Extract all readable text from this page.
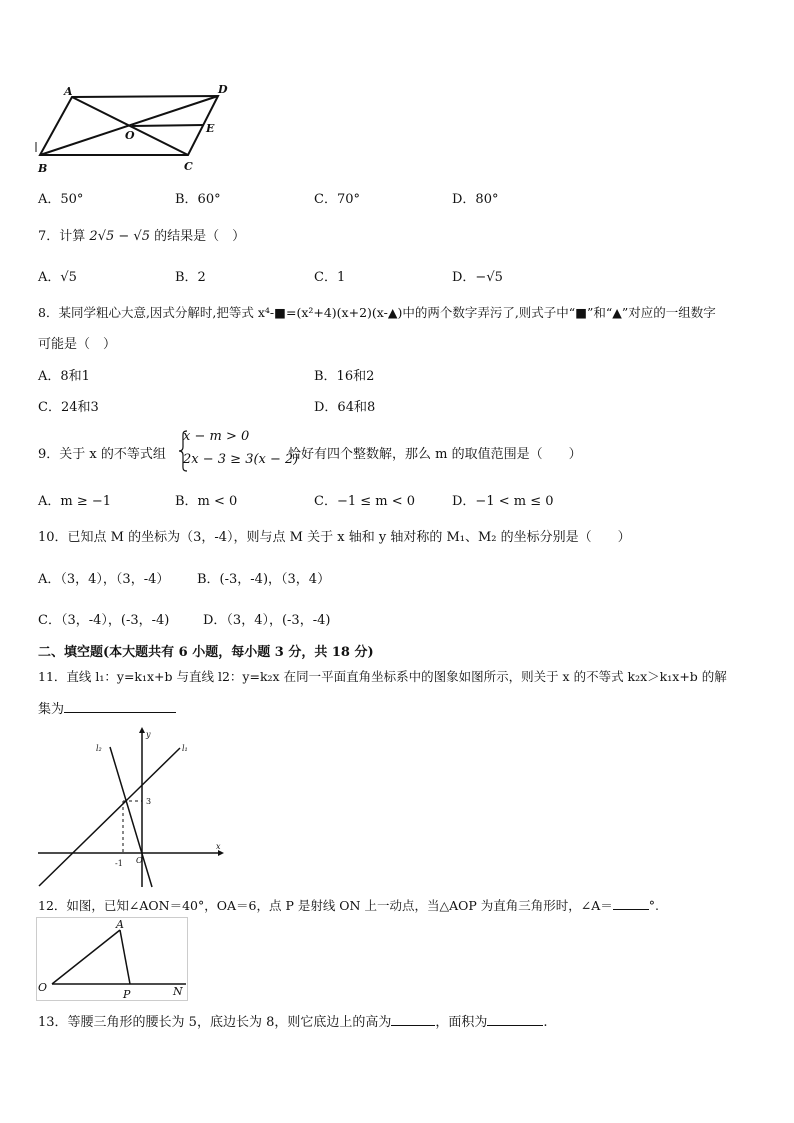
A	D
E
O
B	C
A．50°	B．60°	C．70°	D．80°
7．计算 2√5 − √5 的结果是（　）
A．√5	B．2	C．1	D．−√5
8．某同学粗心大意,因式分解时,把等式 x⁴-■=(x²+4)(x+2)(x-▲)中的两个数字弄污了,则式子中“■”和“▲”对应的一组数字
可能是（　）
A．8和1	B．16和2
C．24和3	D．64和8
9．关于 x 的不等式组
x − m > 0
2x − 3 ≥ 3(x − 2)
恰好有四个整数解，那么 m 的取值范围是（　　）
A．m ≥ −1	B．m < 0	C．−1 ≤ m < 0	D．−1 < m ≤ 0
10．已知点 M 的坐标为（3，-4），则与点 M 关于 x 轴和 y 轴对称的 M₁、M₂ 的坐标分别是（　　）
A．（3，4），（3，-4） B．(-3，-4)，（3，4）
C．（3，-4），(-3，-4)	D．（3，4），(-3，-4)
二、填空题(本大题共有 6 小题，每小题 3 分，共 18 分)
11．直线 l₁：y=k₁x+b 与直线 l2：y=k₂x 在同一平面直角坐标系中的图象如图所示，则关于 x 的不等式 k₂x＞k₁x+b 的解
集为
l₂	l₁
y
x
O
-1
3
12．如图，已知∠AON＝40°，OA＝6，点 P 是射线 ON 上一动点，当△AOP 为直角三角形时，∠A＝	°.
A
O
P	N
13．等腰三角形的腰长为 5，底边长为 8，则它底边上的高为	，面积为	.
